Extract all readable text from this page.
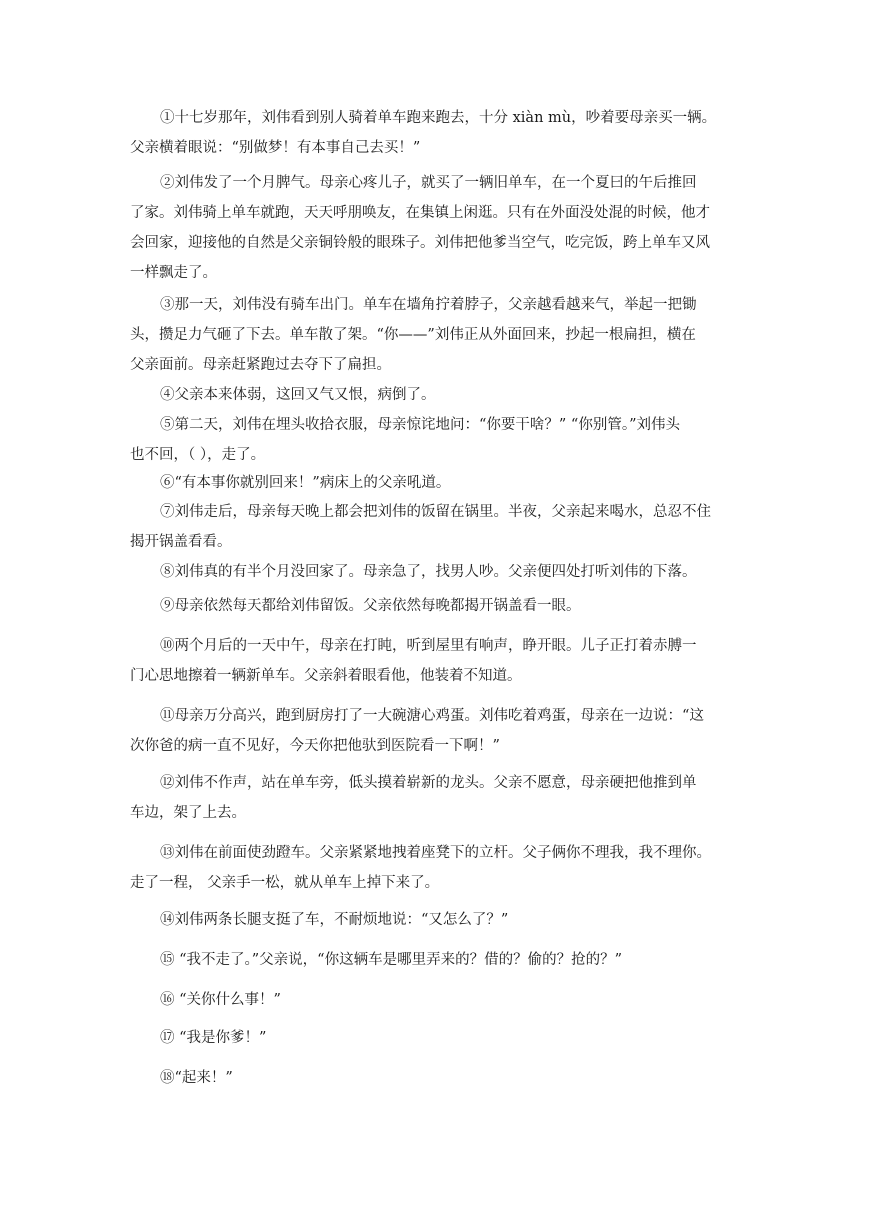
①十七岁那年，刘伟看到别人骑着单车跑来跑去，十分 xiàn mù，吵着要母亲买一辆。
父亲横着眼说：“别做梦！有本事自己去买！”

②刘伟发了一个月脾气。母亲心疼儿子，就买了一辆旧单车，在一个夏曰的午后推回
了家。刘伟骑上单车就跑，天天呼朋唤友，在集镇上闲逛。只有在外面没处混的时候，他才
会回家，迎接他的自然是父亲铜铃般的眼珠子。刘伟把他爹当空气，吃完饭，跨上单车又风
一样飘走了。

③那一天，刘伟没有骑车出门。单车在墙角拧着脖子，父亲越看越来气，举起一把锄
头，攒足力气砸了下去。单车散了架。“你——”刘伟正从外面回来，抄起一根扁担，横在
父亲面前。母亲赶紧跑过去夺下了扁担。

④父亲本来体弱，这回又气又恨，病倒了。

⑤第二天，刘伟在埋头收拾衣服，母亲惊诧地问：“你要干啥？” “你别管。”刘伟头
也不回，（ ），走了。

⑥“有本事你就别回来！”病床上的父亲吼道。

⑦刘伟走后，母亲每天晚上都会把刘伟的饭留在锅里。半夜，父亲起来喝水，总忍不住
揭开锅盖看看。

⑧刘伟真的有半个月没回家了。母亲急了，找男人吵。父亲便四处打听刘伟的下落。

⑨母亲依然每天都给刘伟留饭。父亲依然每晚都揭开锅盖看一眼。

⑩两个月后的一天中午，母亲在打盹，听到屋里有响声，睁开眼。儿子正打着赤膊一
门心思地擦着一辆新单车。父亲斜着眼看他，他装着不知道。

⑪母亲万分高兴，跑到厨房打了一大碗溏心鸡蛋。刘伟吃着鸡蛋，母亲在一边说：“这
次你爸的病一直不见好，今天你把他驮到医院看一下啊！”

⑫刘伟不作声，站在单车旁，低头摸着崭新的龙头。父亲不愿意，母亲硬把他推到单
车边，架了上去。

⑬刘伟在前面使劲蹬车。父亲紧紧地拽着座凳下的立杆。父子俩你不理我，我不理你。
走了一程， 父亲手一松，就从单车上掉下来了。

⑭刘伟两条长腿支挺了车，不耐烦地说：“又怎么了？”

⑮ “我不走了。”父亲说，“你这辆车是哪里弄来的？借的？偷的？抢的？”

⑯ “关你什么事！”

⑰ “我是你爹！”

⑱“起来！”
